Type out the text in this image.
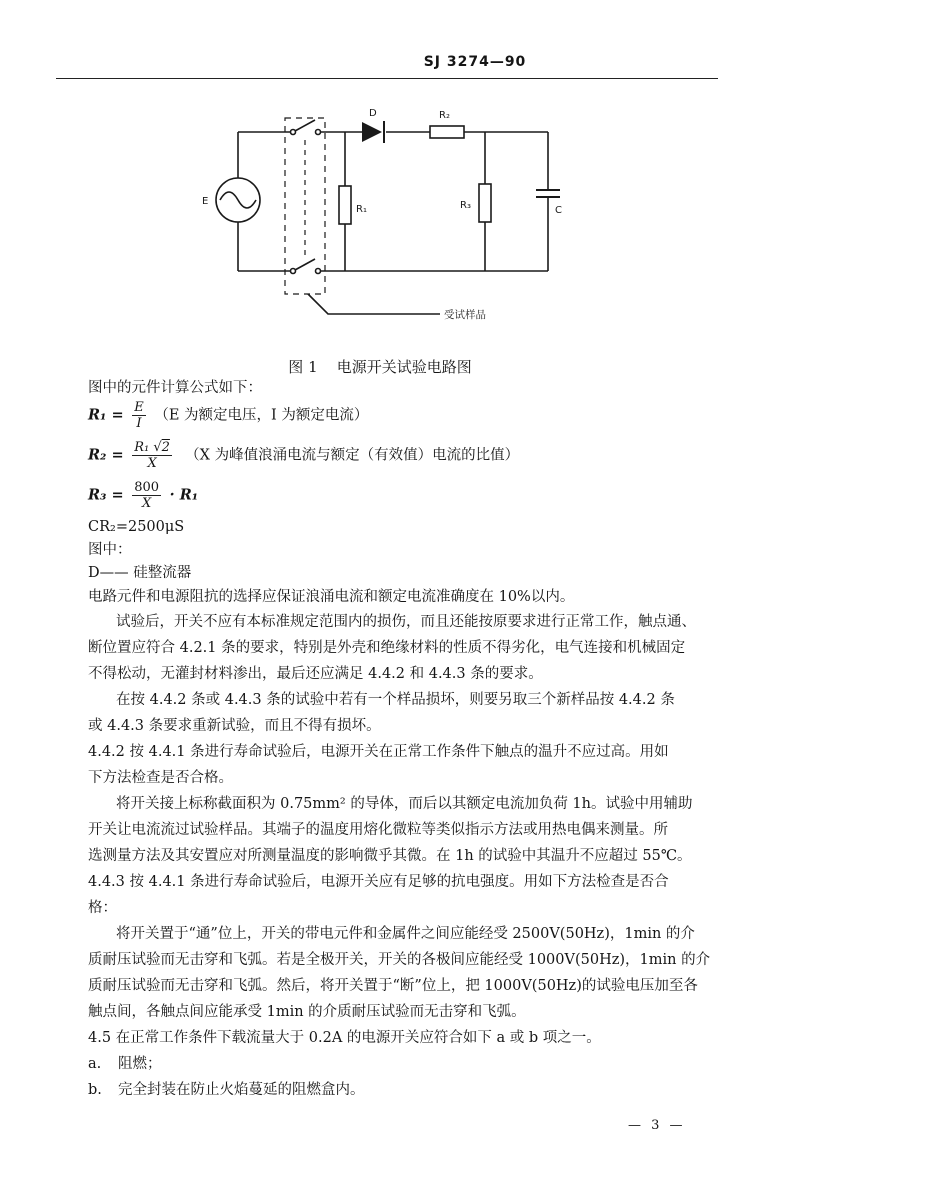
SJ 3274—90
E
D	R₂
R₁	R₃	C
受试样品
图 1 电源开关试验电路图
图中的元件计算公式如下：
$R_1 = \frac{E}{I} (E$ 为额定电压，I 为额定电流）
$R_2 = \frac{\text{R₁ √2}}{X} (X$ 为峰值浪涌电流与额定（有效值）电流的比值）
$R_3 = \frac{800}{X} \cdot R_1$
CR₂=2500μS
图中：
D—— 硅整流器
电路元件和电源阻抗的选择应保证浪涌电流和额定电流准确度在 10%以内。
试验后，开关不应有本标准规定范围内的损伤，而且还能按原要求进行正常工作，触点通、
断位置应符合 4.2.1 条的要求，特别是外壳和绝缘材料的性质不得劣化，电气连接和机械固定
不得松动，无灌封材料渗出，最后还应满足 4.4.2 和 4.4.3 条的要求。
在按 4.4.2 条或 4.4.3 条的试验中若有一个样品损坏，则要另取三个新样品按 4.4.2 条
或 4.4.3 条要求重新试验，而且不得有损坏。
4.4.2 按 4.4.1 条进行寿命试验后，电源开关在正常工作条件下触点的温升不应过高。用如
下方法检查是否合格。
将开关接上标称截面积为 0.75mm² 的导体，而后以其额定电流加负荷 1h。试验中用辅助
开关让电流流过试验样品。其端子的温度用熔化微粒等类似指示方法或用热电偶来测量。所
选测量方法及其安置应对所测量温度的影响微乎其微。在 1h 的试验中其温升不应超过 55℃。
4.4.3 按 4.4.1 条进行寿命试验后，电源开关应有足够的抗电强度。用如下方法检查是否合
格：
将开关置于“通”位上，开关的带电元件和金属件之间应能经受 2500V(50Hz)，1min 的介
质耐压试验而无击穿和飞弧。若是全极开关，开关的各极间应能经受 1000V(50Hz)，1min 的介
质耐压试验而无击穿和飞弧。然后，将开关置于“断”位上，把 1000V(50Hz)的试验电压加至各
触点间，各触点间应能承受 1min 的介质耐压试验而无击穿和飞弧。
4.5 在正常工作条件下载流量大于 0.2A 的电源开关应符合如下 a 或 b 项之一。
a. 阻燃；
b. 完全封装在防止火焰蔓延的阻燃盒内。
— 3 —
